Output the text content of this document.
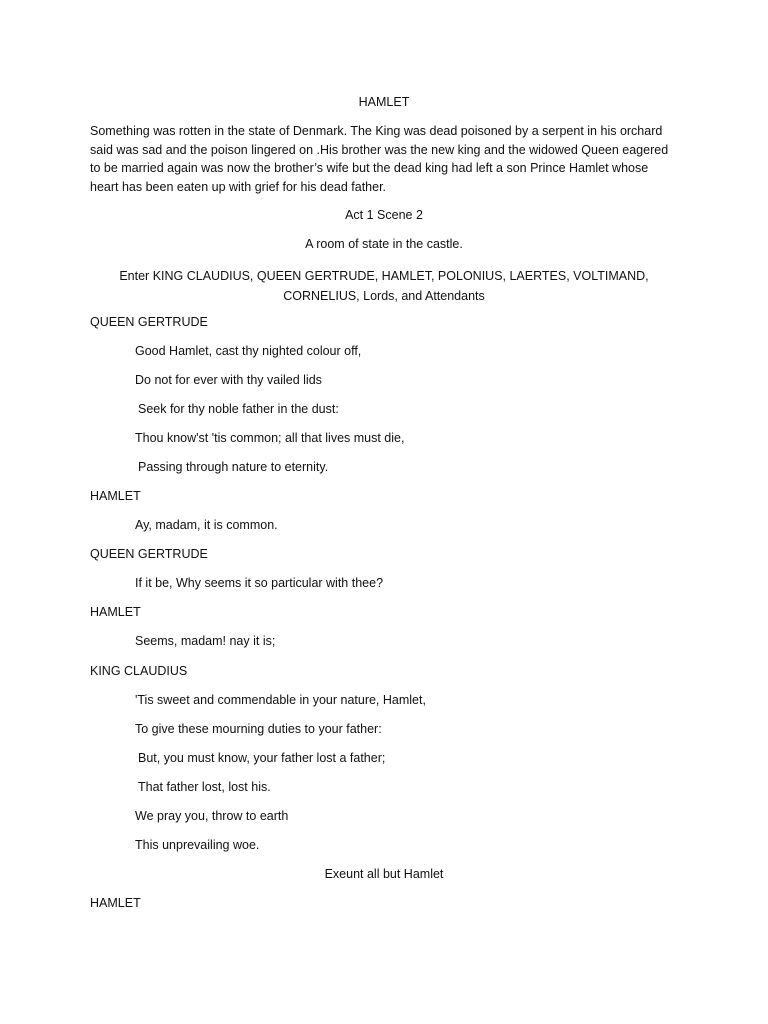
HAMLET
Something was rotten in the state of Denmark. The King was dead poisoned by a serpent in his orchard said was sad and the poison lingered on .His brother was the new king and the widowed Queen eagered to be married again was now the brother’s wife but the dead king had left a son Prince Hamlet whose heart has been eaten up with grief for his dead father.
Act 1 Scene 2
A room of state in the castle.
Enter KING CLAUDIUS, QUEEN GERTRUDE, HAMLET, POLONIUS, LAERTES, VOLTIMAND, CORNELIUS, Lords, and Attendants
QUEEN GERTRUDE
Good Hamlet, cast thy nighted colour off,
Do not for ever with thy vailed lids
Seek for thy noble father in the dust:
Thou know'st 'tis common; all that lives must die,
Passing through nature to eternity.
HAMLET
Ay, madam, it is common.
QUEEN GERTRUDE
If it be, Why seems it so particular with thee?
HAMLET
Seems, madam! nay it is;
KING CLAUDIUS
'Tis sweet and commendable in your nature, Hamlet,
To give these mourning duties to your father:
But, you must know, your father lost a father;
That father lost, lost his.
We pray you, throw to earth
This unprevailing woe.
Exeunt all but Hamlet
HAMLET
